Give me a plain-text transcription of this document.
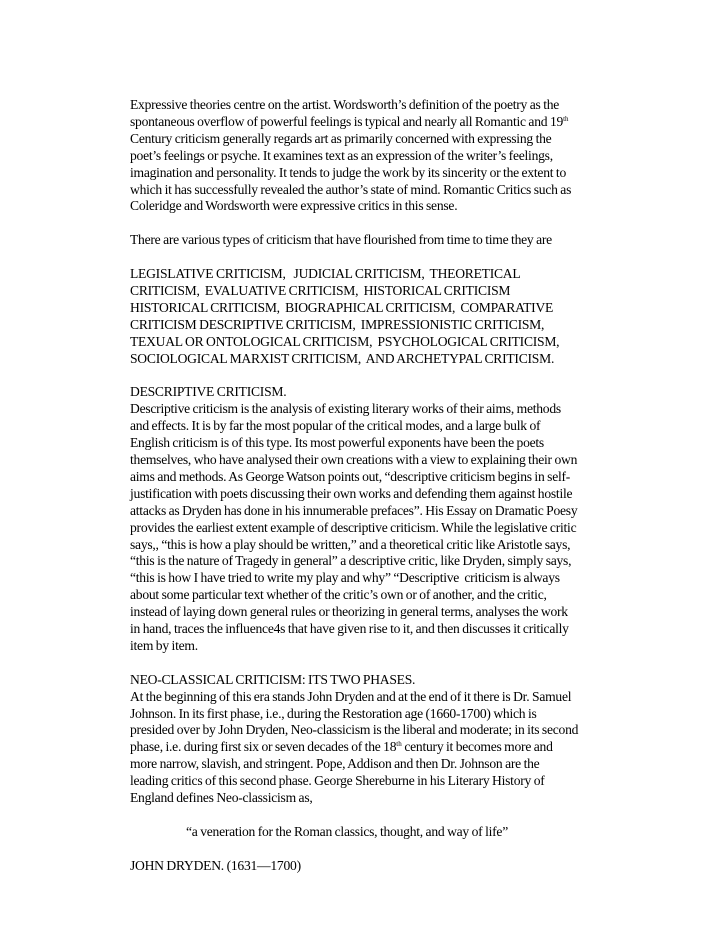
Expressive theories centre on the artist. Wordsworth’s definition of the poetry as the
spontaneous overflow of powerful feelings is typical and nearly all Romantic and 19th
Century criticism generally regards art as primarily concerned with expressing the
poet’s feelings or psyche. It examines text as an expression of the writer’s feelings,
imagination and personality. It tends to judge the work by its sincerity or the extent to
which it has successfully revealed the author’s state of mind. Romantic Critics such as
Coleridge and Wordsworth were expressive critics in this sense.
There are various types of criticism that have flourished from time to time they are
LEGISLATIVE CRITICISM,   JUDICIAL CRITICISM,  THEORETICAL
CRITICISM,  EVALUATIVE CRITICISM,  HISTORICAL CRITICISM
HISTORICAL CRITICISM,  BIOGRAPHICAL CRITICISM,  COMPARATIVE
CRITICISM DESCRIPTIVE CRITICISM,  IMPRESSIONISTIC CRITICISM,
TEXUAL OR ONTOLOGICAL CRITICISM,  PSYCHOLOGICAL CRITICISM,
SOCIOLOGICAL MARXIST CRITICISM,  AND ARCHETYPAL CRITICISM.
DESCRIPTIVE CRITICISM.
Descriptive criticism is the analysis of existing literary works of their aims, methods
and effects. It is by far the most popular of the critical modes, and a large bulk of
English criticism is of this type. Its most powerful exponents have been the poets
themselves, who have analysed their own creations with a view to explaining their own
aims and methods. As George Watson points out, “descriptive criticism begins in self-
justification with poets discussing their own works and defending them against hostile
attacks as Dryden has done in his innumerable prefaces”. His Essay on Dramatic Poesy
provides the earliest extent example of descriptive criticism. While the legislative critic
says,, “this is how a play should be written,” and a theoretical critic like Aristotle says,
“this is the nature of Tragedy in general” a descriptive critic, like Dryden, simply says,
“this is how I have tried to write my play and why” “Descriptive  criticism is always
about some particular text whether of the critic’s own or of another, and the critic,
instead of laying down general rules or theorizing in general terms, analyses the work
in hand, traces the influence4s that have given rise to it, and then discusses it critically
item by item.
NEO-CLASSICAL CRITICISM: ITS TWO PHASES.
At the beginning of this era stands John Dryden and at the end of it there is Dr. Samuel
Johnson. In its first phase, i.e., during the Restoration age (1660-1700) which is
presided over by John Dryden, Neo-classicism is the liberal and moderate; in its second
phase, i.e. during first six or seven decades of the 18th century it becomes more and
more narrow, slavish, and stringent. Pope, Addison and then Dr. Johnson are the
leading critics of this second phase. George Shereburne in his Literary History of
England defines Neo-classicism as,
“a veneration for the Roman classics, thought, and way of life”
JOHN DRYDEN. (1631—1700)
